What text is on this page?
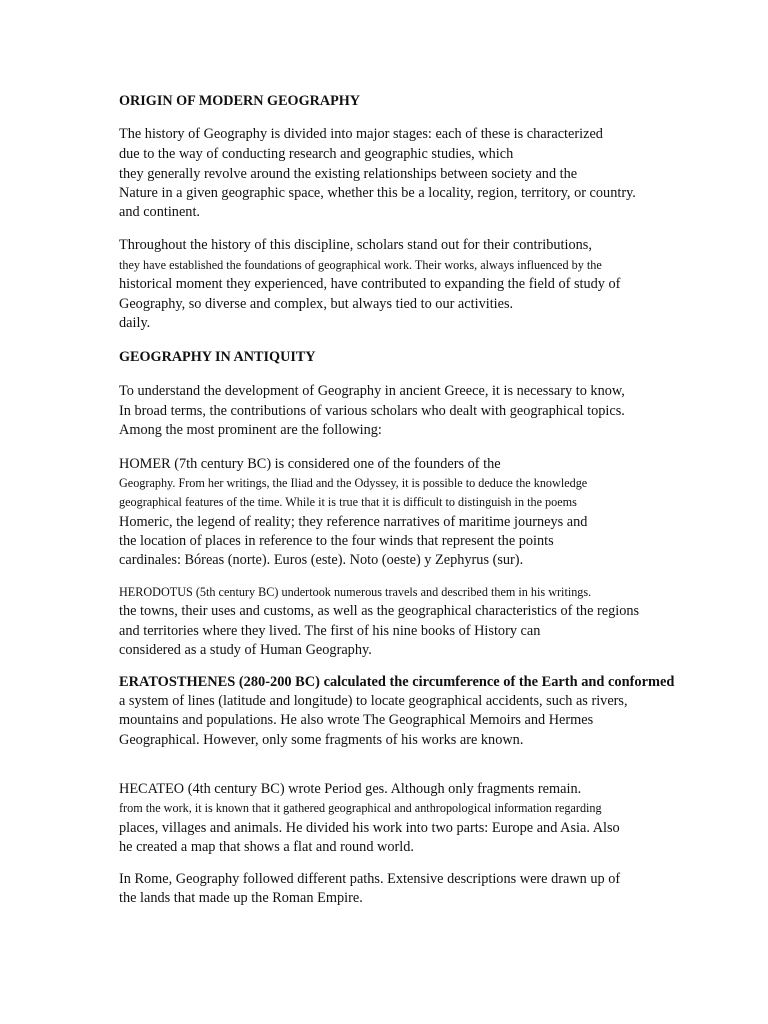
ORIGIN OF MODERN GEOGRAPHY
The history of Geography is divided into major stages: each of these is characterized
due to the way of conducting research and geographic studies, which
they generally revolve around the existing relationships between society and the
Nature in a given geographic space, whether this be a locality, region, territory, or country.
and continent.
Throughout the history of this discipline, scholars stand out for their contributions,
they have established the foundations of geographical work. Their works, always influenced by the
historical moment they experienced, have contributed to expanding the field of study of
Geography, so diverse and complex, but always tied to our activities.
daily.
GEOGRAPHY IN ANTIQUITY
To understand the development of Geography in ancient Greece, it is necessary to know,
In broad terms, the contributions of various scholars who dealt with geographical topics.
Among the most prominent are the following:
HOMER (7th century BC) is considered one of the founders of the
Geography. From her writings, the Iliad and the Odyssey, it is possible to deduce the knowledge
geographical features of the time. While it is true that it is difficult to distinguish in the poems
Homeric, the legend of reality; they reference narratives of maritime journeys and
the location of places in reference to the four winds that represent the points
cardinales: Bóreas (norte). Euros (este). Noto (oeste) y Zephyrus (sur).
HERODOTUS (5th century BC) undertook numerous travels and described them in his writings.
the towns, their uses and customs, as well as the geographical characteristics of the regions
and territories where they lived. The first of his nine books of History can
considered as a study of Human Geography.
ERATOSTHENES (280-200 BC) calculated the circumference of the Earth and conformed
a system of lines (latitude and longitude) to locate geographical accidents, such as rivers,
mountains and populations. He also wrote The Geographical Memoirs and Hermes
Geographical. However, only some fragments of his works are known.
HECATEO (4th century BC) wrote Period ges. Although only fragments remain.
from the work, it is known that it gathered geographical and anthropological information regarding
places, villages and animals. He divided his work into two parts: Europe and Asia. Also
he created a map that shows a flat and round world.
In Rome, Geography followed different paths. Extensive descriptions were drawn up of
the lands that made up the Roman Empire.
